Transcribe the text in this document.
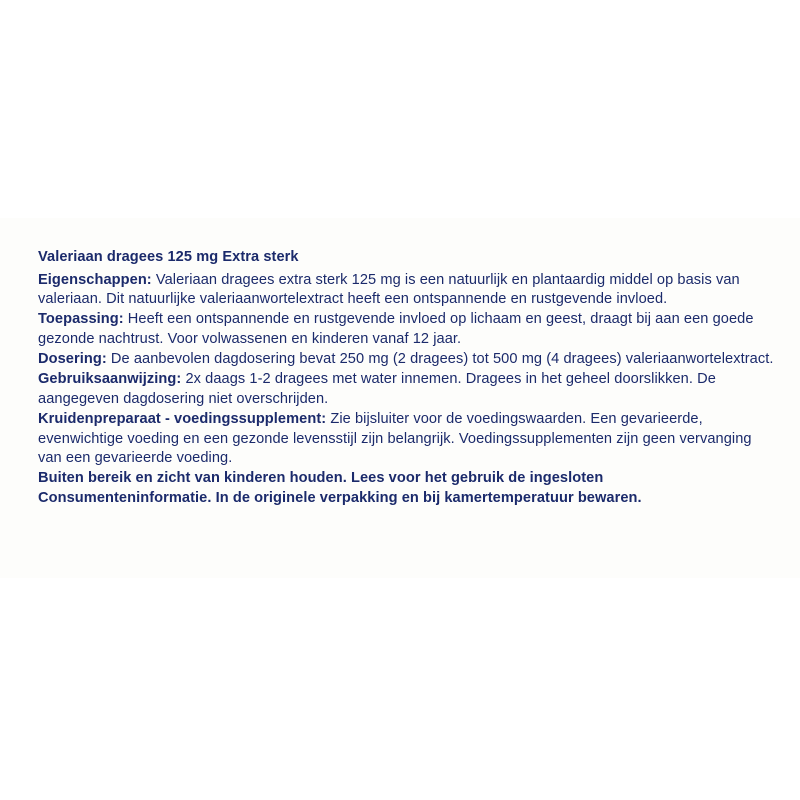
Valeriaan dragees 125 mg Extra sterk

Eigenschappen: Valeriaan dragees extra sterk 125 mg is een natuurlijk en plantaardig middel op basis van valeriaan. Dit natuurlijke valeriaanwortelextract heeft een ontspannende en rustgevende invloed.

Toepassing: Heeft een ontspannende en rustgevende invloed op lichaam en geest, draagt bij aan een goede gezonde nachtrust. Voor volwassenen en kinderen vanaf 12 jaar.

Dosering: De aanbevolen dagdosering bevat 250 mg (2 dragees) tot 500 mg (4 dragees) valeriaanwortelextract.

Gebruiksaanwijzing: 2x daags 1-2 dragees met water innemen. Dragees in het geheel doorslikken. De aangegeven dagdosering niet overschrijden.

Kruidenpreparaat - voedingssupplement: Zie bijsluiter voor de voedingswaarden. Een gevarieerde, evenwichtige voeding en een gezonde levensstijl zijn belangrijk. Voedingssupplementen zijn geen vervanging van een gevarieerde voeding.

Buiten bereik en zicht van kinderen houden. Lees voor het gebruik de ingesloten Consumenteninformatie. In de originele verpakking en bij kamertemperatuur bewaren.
